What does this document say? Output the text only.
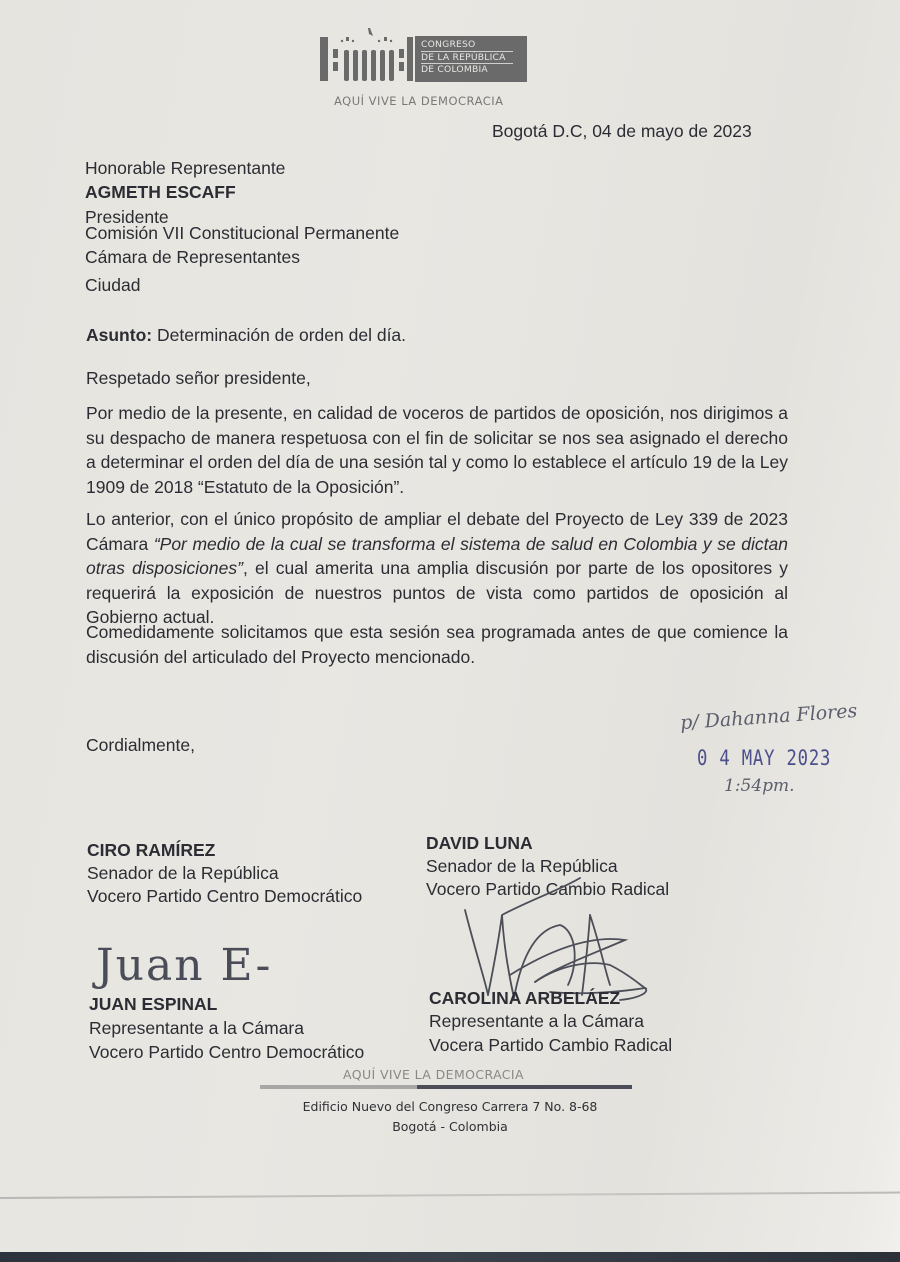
CONGRESO
DE LA REPÚBLICA
DE COLOMBIA
AQUÍ VIVE LA DEMOCRACIA
Bogotá D.C, 04 de mayo de 2023
Honorable Representante
AGMETH ESCAFF
Presidente
Comisión VII Constitucional Permanente
Cámara de Representantes
Ciudad
Asunto: Determinación de orden del día.
Respetado señor presidente,
Por medio de la presente, en calidad de voceros de partidos de oposición, nos dirigimos a su despacho de manera respetuosa con el fin de solicitar se nos sea asignado el derecho a determinar el orden del día de una sesión tal y como lo establece el artículo 19 de la Ley 1909 de 2018 “Estatuto de la Oposición”.
Lo anterior, con el único propósito de ampliar el debate del Proyecto de Ley 339 de 2023 Cámara “Por medio de la cual se transforma el sistema de salud en Colombia y se dictan otras disposiciones”, el cual amerita una amplia discusión por parte de los opositores y requerirá la exposición de nuestros puntos de vista como partidos de oposición al Gobierno actual.
Comedidamente solicitamos que esta sesión sea programada antes de que comience la discusión del articulado del Proyecto mencionado.
Cordialmente,
p/ Dahanna Flores
0 4 MAY 2023
1:54pm.
CIRO RAMÍREZ
Senador de la República
Vocero Partido Centro Democrático
DAVID LUNA
Senador de la República
Vocero Partido Cambio Radical
Juan E-
JUAN ESPINAL
Representante a la Cámara
Vocero Partido Centro Democrático
CAROLINA ARBELÁEZ
Representante a la Cámara
Vocera Partido Cambio Radical
AQUÍ VIVE LA DEMOCRACIA
Edificio Nuevo del Congreso Carrera 7 No. 8-68
Bogotá - Colombia
